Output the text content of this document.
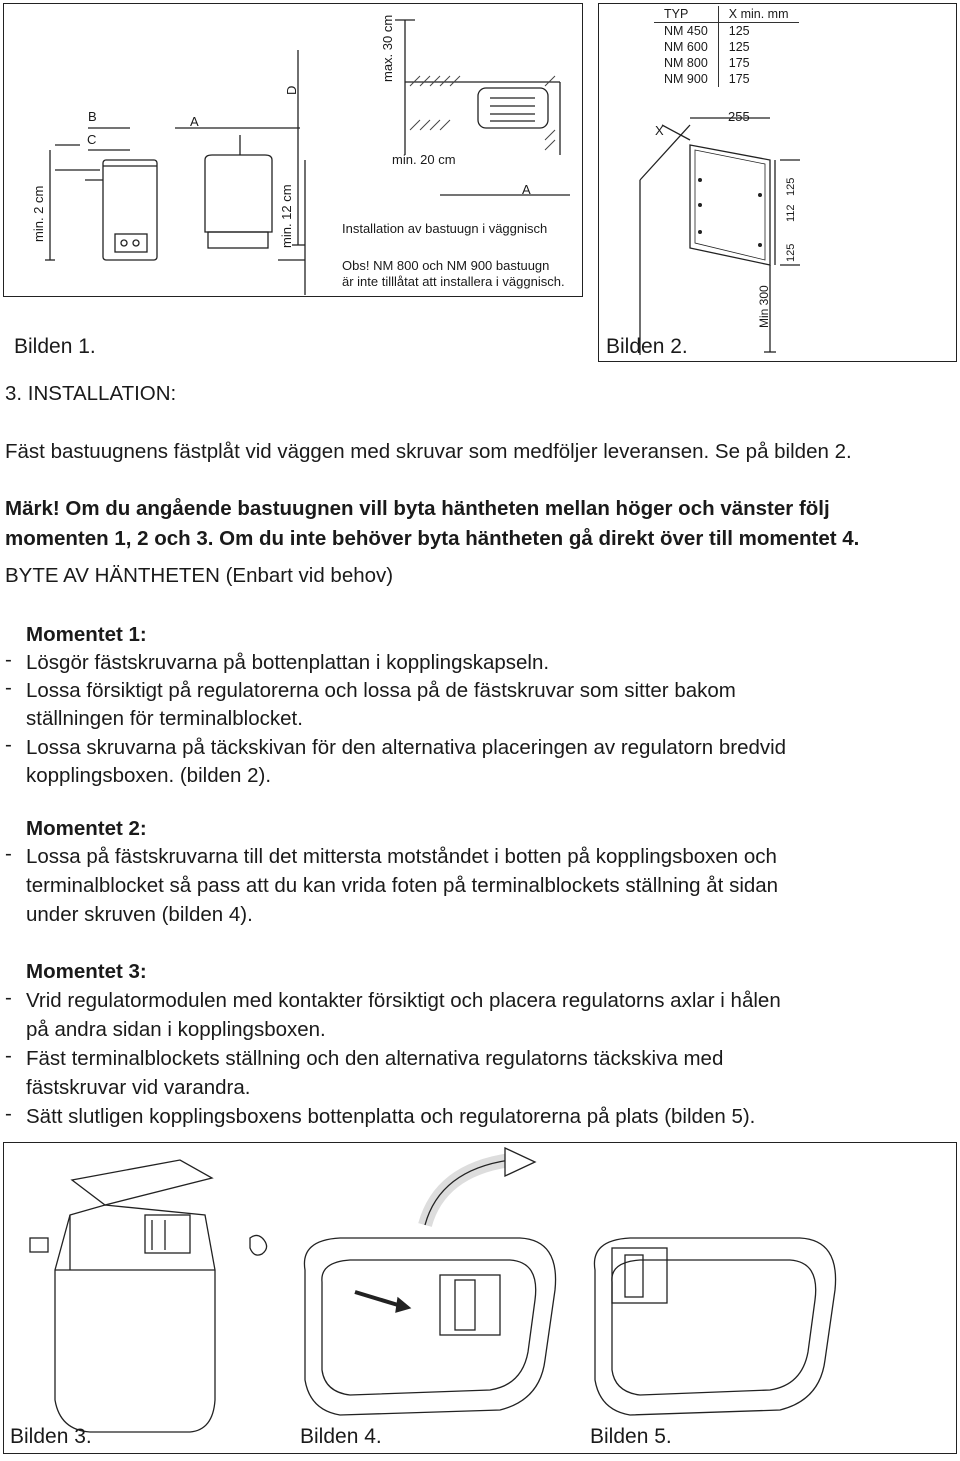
min. 2 cm
B
C
A
D
min. 12 cm
max. 30 cm
min. 20 cm
A
Installation av bastuugn i väggnisch
Obs! NM 800 och NM 900 bastuugn
är inte tilllåtat att installera i väggnisch.
Bilden 1.
TYP	X min. mm
NM 450	125
NM 600	125
NM 800	175
NM 900	175
X
255
125
112
125
Min 300
Bilden 2.
3. INSTALLATION:
Fäst bastuugnens fästplåt vid väggen med skruvar som medföljer leveransen. Se på bilden 2.
Märk! Om du angående bastuugnen vill byta häntheten mellan höger och vänster följ
momenten 1, 2 och 3. Om du inte behöver byta häntheten gå direkt över till momentet 4.
BYTE AV HÄNTHETEN (Enbart vid behov)
Momentet 1:
- Lösgör fästskruvarna på bottenplattan i kopplingskapseln.
- Lossa försiktigt på regulatorerna och lossa på de fästskruvar som sitter bakom
ställningen för terminalblocket.
- Lossa skruvarna på täckskivan för den alternativa placeringen av regulatorn bredvid
kopplingsboxen. (bilden 2).
Momentet 2:
- Lossa på fästskruvarna till det mittersta motståndet i botten på kopplingsboxen och
terminalblocket så pass att du kan vrida foten på terminalblockets ställning åt sidan
under skruven (bilden 4).
Momentet 3:
- Vrid regulatormodulen med kontakter försiktigt och placera regulatorns axlar i hålen
på andra sidan i kopplingsboxen.
- Fäst terminalblockets ställning och den alternativa regulatorns täckskiva med
fästskruvar vid varandra.
- Sätt slutligen kopplingsboxens bottenplatta och regulatorerna på plats (bilden 5).
Bilden 3.	Bilden 4.	Bilden 5.
